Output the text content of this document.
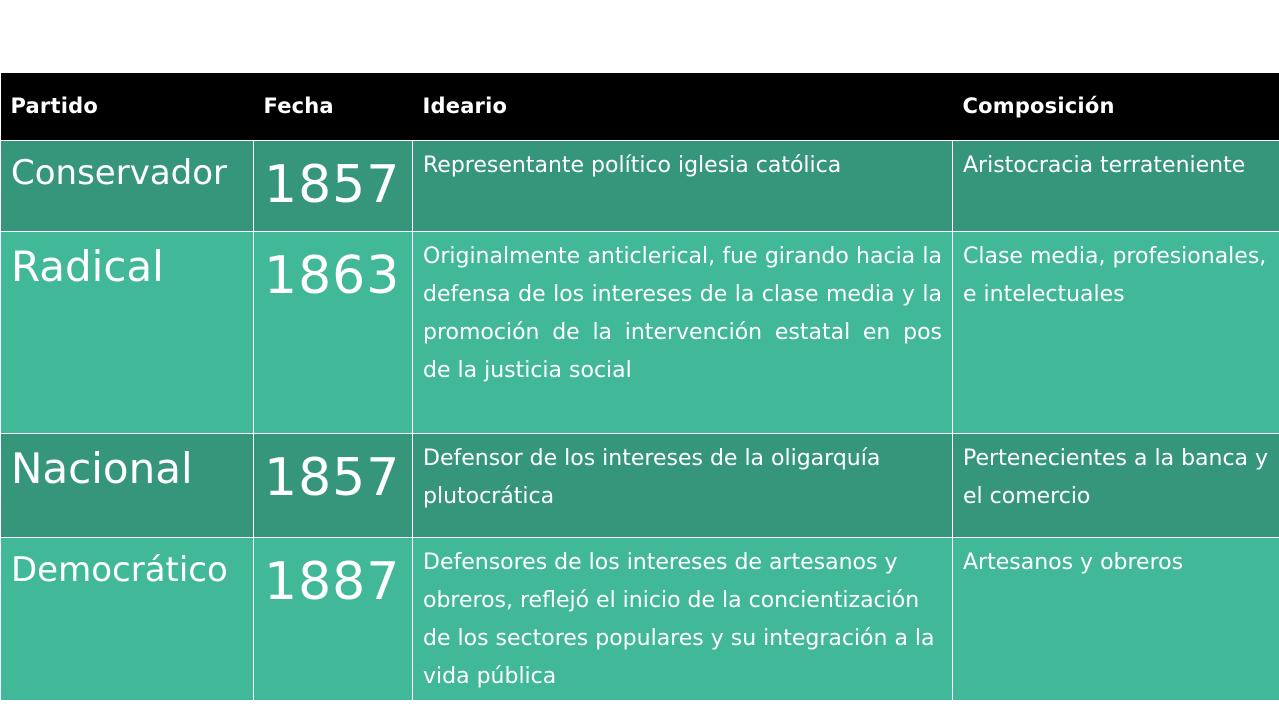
Partido	Fecha	Ideario	Composición
Conservador	1857	Representante político iglesia católica	Aristocracia terrateniente
Radical	1863	Originalmente anticlerical, fue girando hacia la defensa de los intereses de la clase media y la promoción de la intervención estatal en pos de la justicia social	Clase media, profesionales, e intelectuales
Nacional	1857	Defensor de los intereses de la oligarquía plutocrática	Pertenecientes a la banca y el comercio
Democrático	1887	Defensores de los intereses de artesanos y obreros, reflejó el inicio de la concientización de los sectores populares y su integración a la vida pública	Artesanos y obreros
